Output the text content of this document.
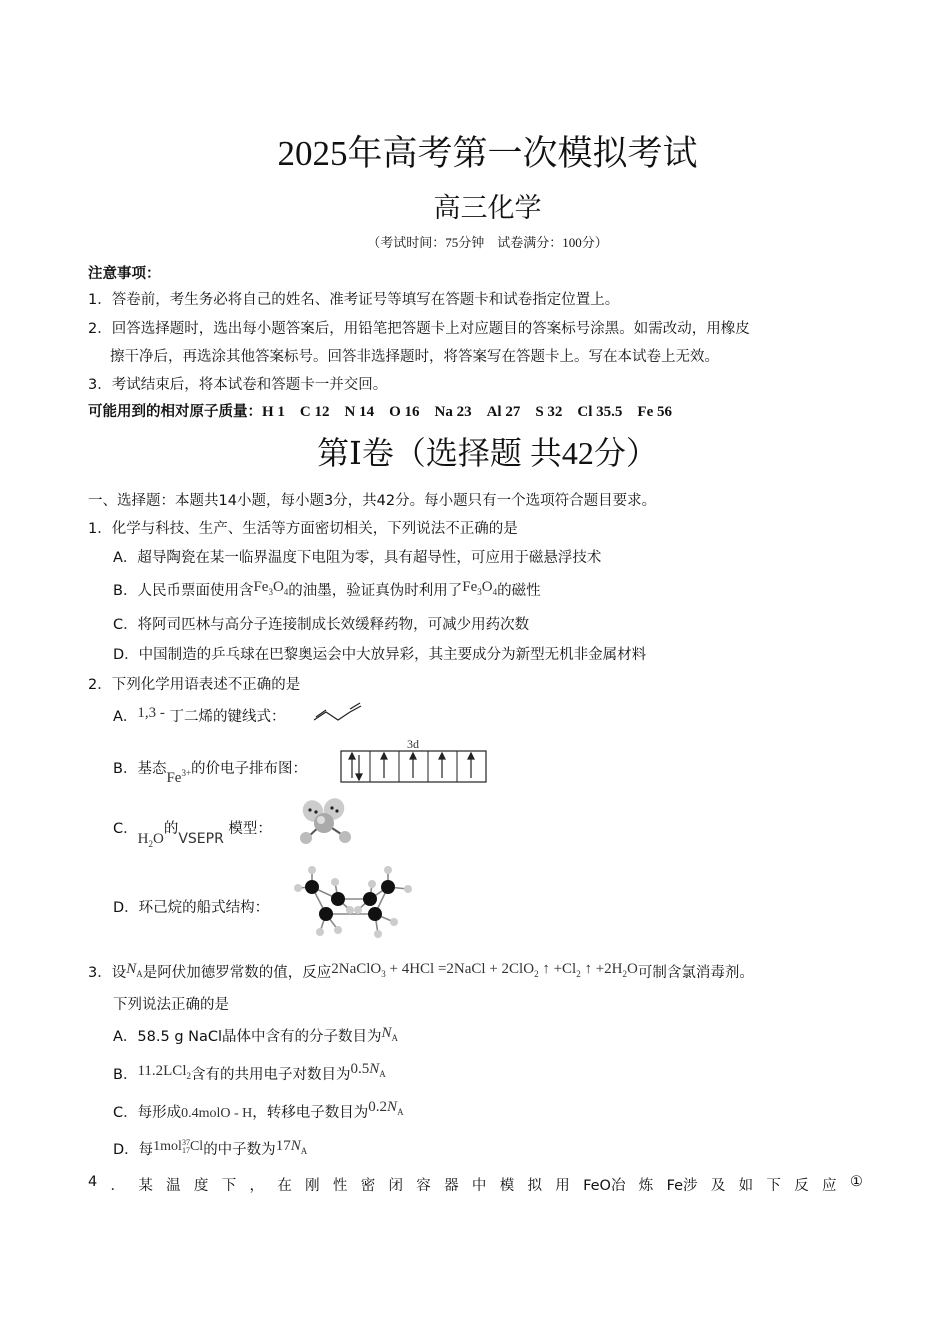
2025年高考第一次模拟考试
高三化学
（考试时间：75分钟　试卷满分：100分）
注意事项：
1．答卷前，考生务必将自己的姓名、准考证号等填写在答题卡和试卷指定位置上。
2．回答选择题时，选出每小题答案后，用铅笔把答题卡上对应题目的答案标号涂黑。如需改动，用橡皮
擦干净后，再选涂其他答案标号。回答非选择题时，将答案写在答题卡上。写在本试卷上无效。
3．考试结束后，将本试卷和答题卡一并交回。
可能用到的相对原子质量：H 1　C 12　N 14　O 16　Na 23　Al 27　S 32　Cl 35.5　Fe 56
第Ⅰ卷（选择题 共42分）
一、选择题：本题共14小题，每小题3分，共42分。每小题只有一个选项符合题目要求。
1．化学与科技、生产、生活等方面密切相关，下列说法不正确的是
A．超导陶瓷在某一临界温度下电阻为零，具有超导性，可应用于磁悬浮技术
B．人民币票面使用含$Fe_3O_4$的油墨，验证真伪时利用了$Fe_3O_4$的磁性
C．将阿司匹林与高分子连接制成长效缓释药物，可减少用药次数
D．中国制造的乒乓球在巴黎奥运会中大放异彩，其主要成分为新型无机非金属材料
2．下列化学用语表述不正确的是
A．1,3 - 丁二烯的键线式：
B．基态$Fe^{3+}$的价电子排布图：
3d
C．$H_2O$的VSEPR 模型：
D．环己烷的船式结构：
3．设$N_A$是阿伏加德罗常数的值，反应2NaClO$_3$ + 4HCl =2NaCl + 2ClO$_2$ ↑ $+Cl_2$ ↑ $+2H_2O$可制含氯消毒剂。
下列说法正确的是
A．58.5 g NaCl晶体中含有的分子数目为$N_A$
B．11.2LCl$_2$含有的共用电子对数目为$0.5N_A$
C．每形成0.4molO - H，转移电子数目为$0.2N_A$
D．每1mol37
17Cl的中子数为$17N_A$
4 ． 某 温 度 下 ， 在 刚 性 密 闭 容 器 中 模 拟 用 FeO冶 炼 Fe涉 及 如 下 反 应 ①
